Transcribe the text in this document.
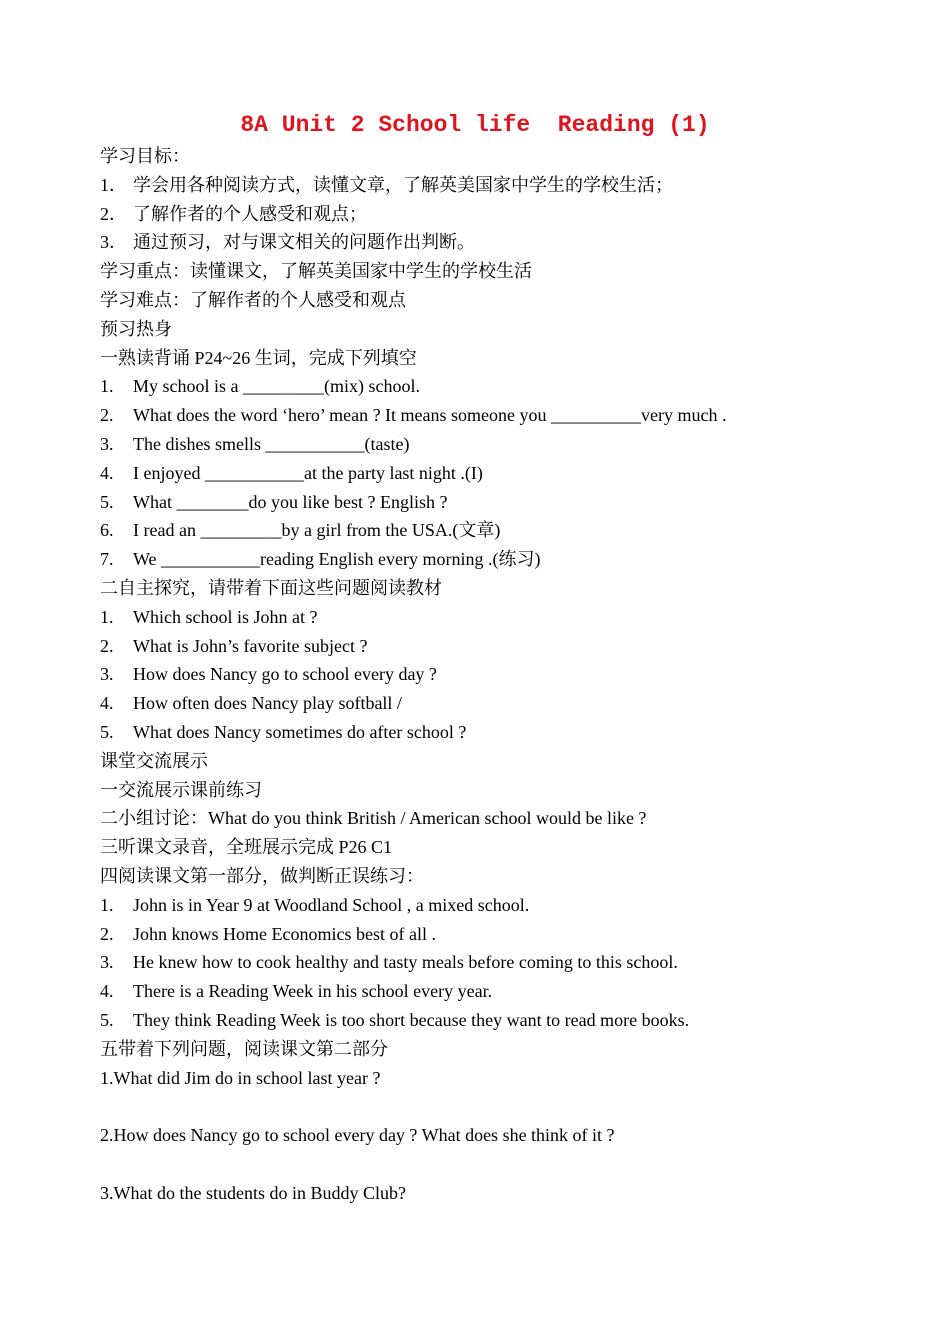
8A Unit 2 School life  Reading (1)
学习目标：
1． 学会用各种阅读方式，读懂文章，了解英美国家中学生的学校生活；
2． 了解作者的个人感受和观点；
3． 通过预习，对与课文相关的问题作出判断。
学习重点：读懂课文，了解英美国家中学生的学校生活
学习难点：了解作者的个人感受和观点
预习热身
一熟读背诵 P24~26 生词，完成下列填空
1. My school is a _________(mix) school.
2. What does the word ‘hero’ mean ? It means someone you __________very much .
3. The dishes smells ___________(taste)
4. I enjoyed ___________at the party last night .(I)
5. What ________do you like best ? English ?
6. I read an _________by a girl from the USA.(文章)
7. We ___________reading English every morning .(练习)
二自主探究，请带着下面这些问题阅读教材
1. Which school is John at ?
2. What is John’s favorite subject ?
3. How does Nancy go to school every day ?
4. How often does Nancy play softball /
5. What does Nancy sometimes do after school ?
课堂交流展示
一交流展示课前练习
二小组讨论：What do you think British / American school would be like ?
三听课文录音，全班展示完成 P26 C1
四阅读课文第一部分，做判断正误练习：
1. John is in Year 9 at Woodland School , a mixed school.
2. John knows Home Economics best of all .
3. He knew how to cook healthy and tasty meals before coming to this school.
4. There is a Reading Week in his school every year.
5. They think Reading Week is too short because they want to read more books.
五带着下列问题，阅读课文第二部分
1.What did Jim do in school last year ?
2.How does Nancy go to school every day ? What does she think of it ?
3.What do the students do in Buddy Club?
